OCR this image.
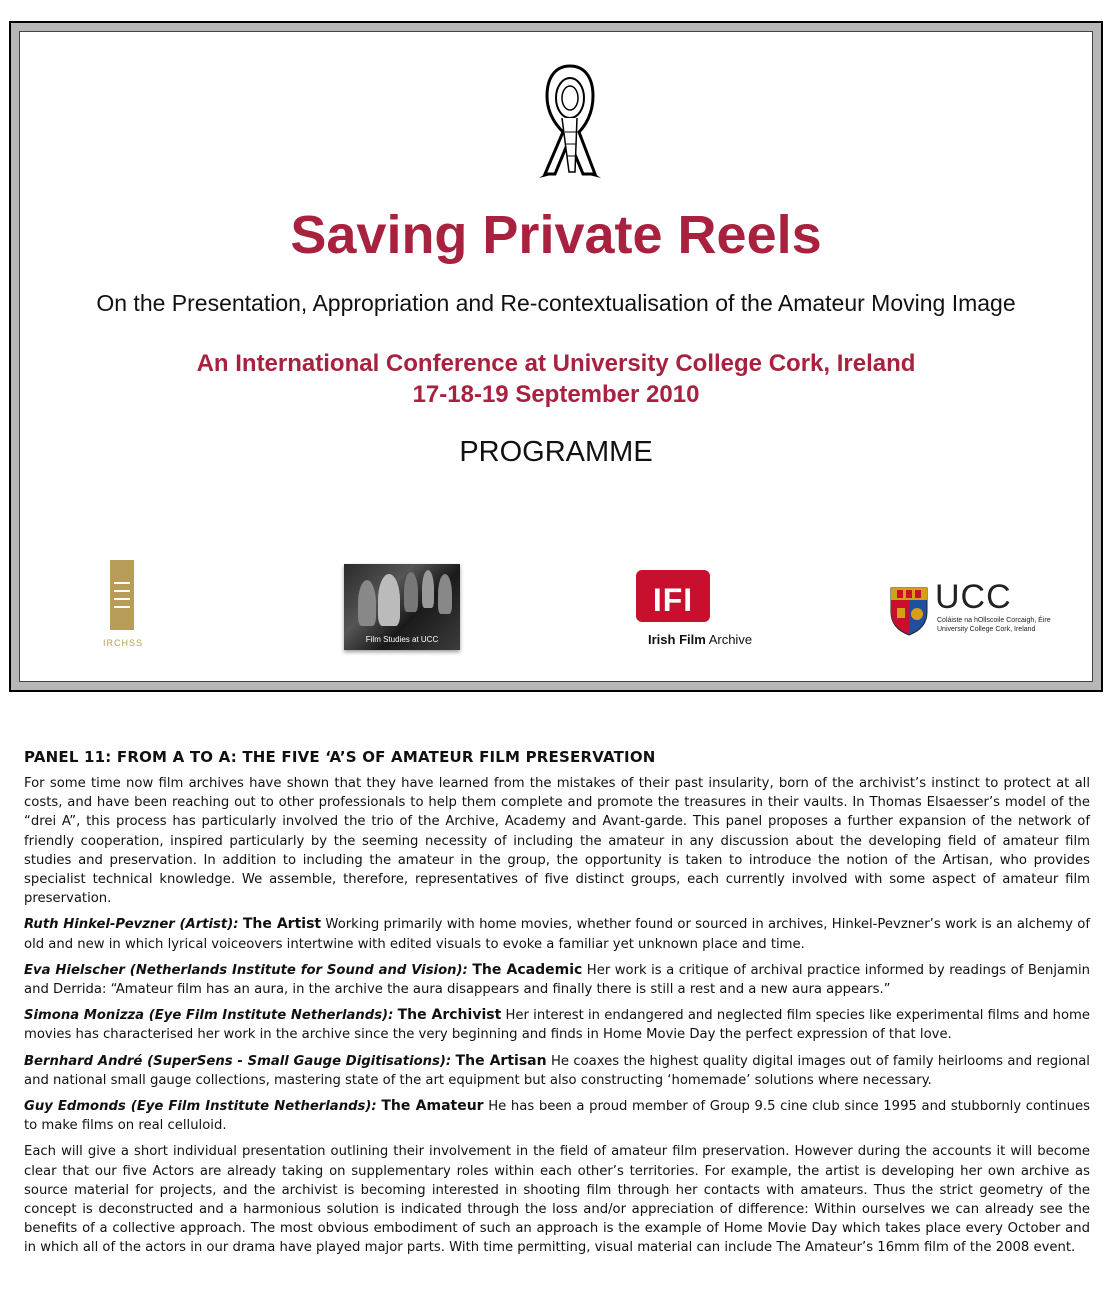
Saving Private Reels
On the Presentation, Appropriation and Re-contextualisation of the Amateur Moving Image
An International Conference at University College Cork, Ireland
17-18-19 September 2010
PROGRAMME
IRCHSS	Film Studies at UCC
IFI
Irish Film Archive
UCC
Coláiste na hOllscoile Corcaigh, Éire
University College Cork, Ireland
PANEL 11: FROM A TO A: THE FIVE ‘A’S OF AMATEUR FILM PRESERVATION

For some time now film archives have shown that they have learned from the mistakes of their past insularity, born of the archivist’s instinct to protect at all costs, and have been reaching out to other professionals to help them complete and promote the treasures in their vaults. In Thomas Elsaesser’s model of the “drei A”, this process has particularly involved the trio of the Archive, Academy and Avant-garde. This panel proposes a further expansion of the network of friendly cooperation, inspired particularly by the seeming necessity of including the amateur in any discussion about the developing field of amateur film studies and preservation. In addition to including the amateur in the group, the opportunity is taken to introduce the notion of the Artisan, who provides specialist technical knowledge. We assemble, therefore, representatives of five distinct groups, each currently involved with some aspect of amateur film preservation.

Ruth Hinkel-Pevzner (Artist): The Artist Working primarily with home movies, whether found or sourced in archives, Hinkel-Pevzner’s work is an alchemy of old and new in which lyrical voiceovers intertwine with edited visuals to evoke a familiar yet unknown place and time.

Eva Hielscher (Netherlands Institute for Sound and Vision): The Academic Her work is a critique of archival practice informed by readings of Benjamin and Derrida: “Amateur film has an aura, in the archive the aura disappears and finally there is still a rest and a new aura appears.”

Simona Monizza (Eye Film Institute Netherlands): The Archivist Her interest in endangered and neglected film species like experimental films and home movies has characterised her work in the archive since the very beginning and finds in Home Movie Day the perfect expression of that love.

Bernhard André (SuperSens - Small Gauge Digitisations): The Artisan He coaxes the highest quality digital images out of family heirlooms and regional and national small gauge collections, mastering state of the art equipment but also constructing ‘homemade’ solutions where necessary.

Guy Edmonds (Eye Film Institute Netherlands): The Amateur He has been a proud member of Group 9.5 cine club since 1995 and stubbornly continues to make films on real celluloid.

Each will give a short individual presentation outlining their involvement in the field of amateur film preservation. However during the accounts it will become clear that our five Actors are already taking on supplementary roles within each other’s territories. For example, the artist is developing her own archive as source material for projects, and the archivist is becoming interested in shooting film through her contacts with amateurs. Thus the strict geometry of the concept is deconstructed and a harmonious solution is indicated through the loss and/or appreciation of difference: Within ourselves we can already see the benefits of a collective approach. The most obvious embodiment of such an approach is the example of Home Movie Day which takes place every October and in which all of the actors in our drama have played major parts. With time permitting, visual material can include The Amateur’s 16mm film of the 2008 event.
